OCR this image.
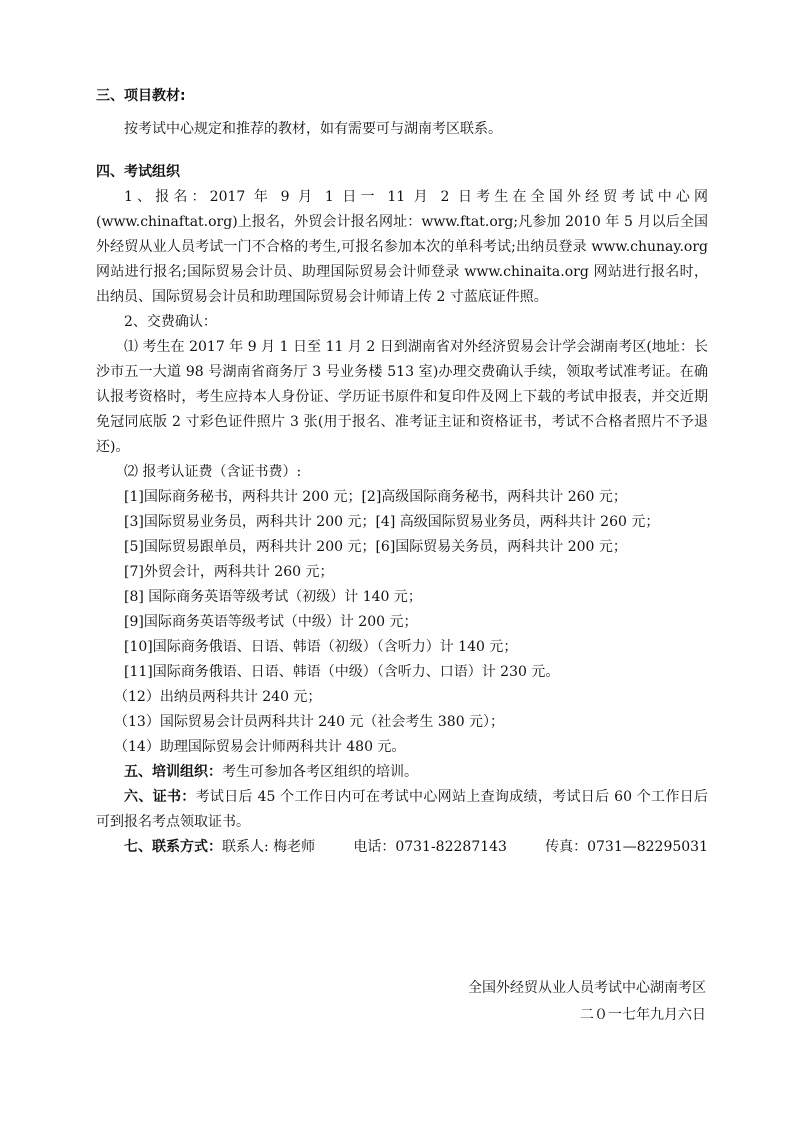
三、项目教材:

按考试中心规定和推荐的教材，如有需要可与湖南考区联系。

四、考试组织

1、报名：2017 年 9 月 1 日一 11 月 2 日考生在全国外经贸考试中心网(www.chinaftat.org)上报名，外贸会计报名网址：www.ftat.org;凡参加 2010 年 5 月以后全国外经贸从业人员考试一门不合格的考生,可报名参加本次的单科考试;出纳员登录 www.chunay.org 网站进行报名;国际贸易会计员、助理国际贸易会计师登录 www.chinaita.org 网站进行报名时，出纳员、国际贸易会计员和助理国际贸易会计师请上传 2 寸蓝底证件照。

2、交费确认：

⑴ 考生在 2017 年 9 月 1 日至 11 月 2 日到湖南省对外经济贸易会计学会湖南考区(地址：长沙市五一大道 98 号湖南省商务厅 3 号业务楼 513 室)办理交费确认手续，领取考试准考证。在确认报考资格时，考生应持本人身份证、学历证书原件和复印件及网上下载的考试申报表，并交近期免冠同底版 2 寸彩色证件照片 3 张(用于报名、准考证主证和资格证书，考试不合格者照片不予退还)。

⑵ 报考认证费（含证书费）:

[1]国际商务秘书，两科共计 200 元；[2]高级国际商务秘书，两科共计 260 元；
[3]国际贸易业务员，两科共计 200 元；[4] 高级国际贸易业务员，两科共计 260 元；
[5]国际贸易跟单员，两科共计 200 元；[6]国际贸易关务员，两科共计 200 元；
[7]外贸会计，两科共计 260 元；
[8] 国际商务英语等级考试（初级）计 140 元；
[9]国际商务英语等级考试（中级）计 200 元；
[10]国际商务俄语、日语、韩语（初级）（含听力）计 140 元；
[11]国际商务俄语、日语、韩语（中级）（含听力、口语）计 230 元。
（12）出纳员两科共计 240 元；
（13）国际贸易会计员两科共计 240 元（社会考生 380 元）；
（14）助理国际贸易会计师两科共计 480 元。

五、培训组织：考生可参加各考区组织的培训。

六、证书：考试日后 45 个工作日内可在考试中心网站上查询成绩，考试日后 60 个工作日后可到报名考点领取证书。

七、联系方式：联系人: 梅老师	电话：0731-82287143	传真：0731—82295031
全国外经贸从业人员考试中心湖南考区
二０一七年九月六日
